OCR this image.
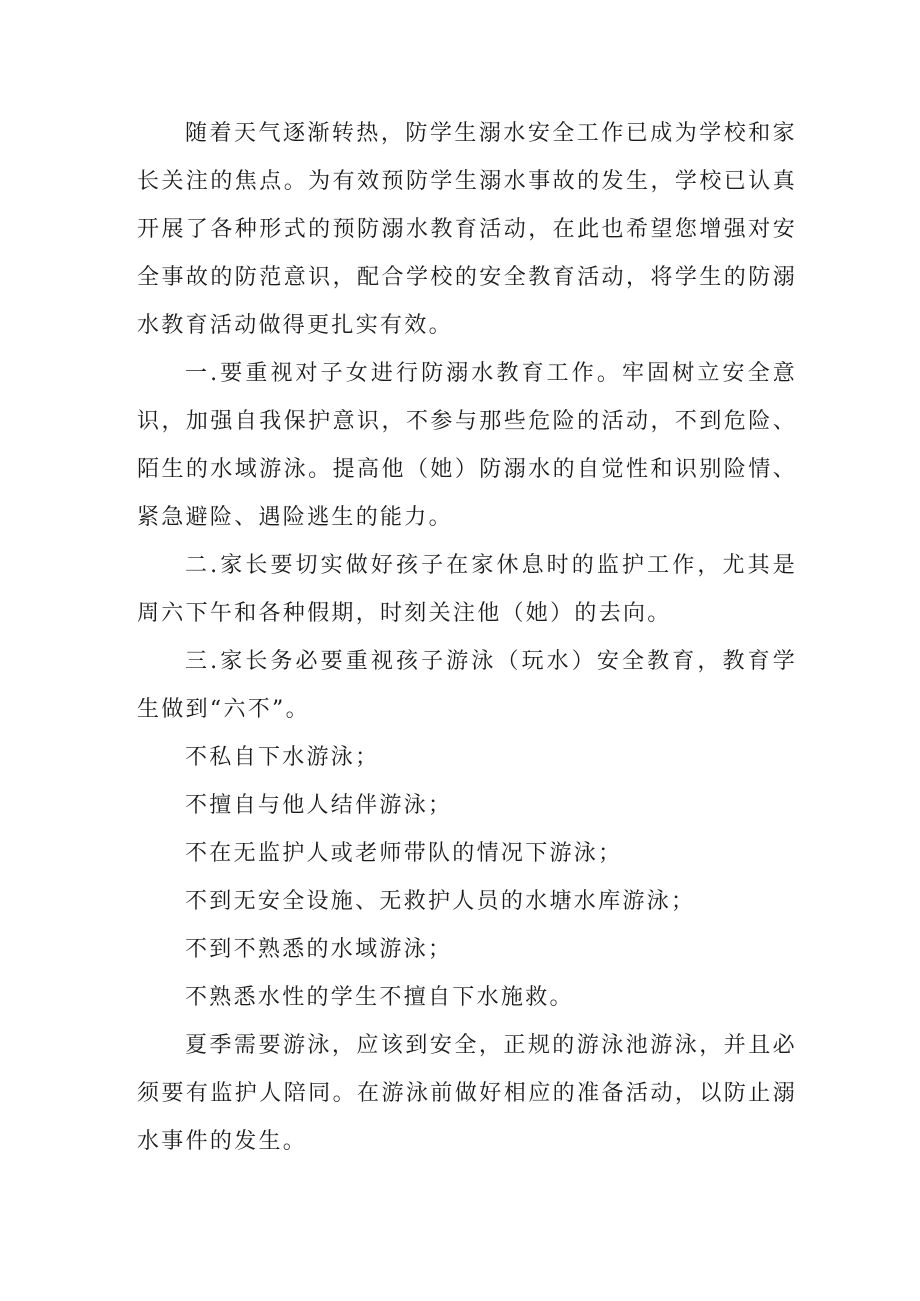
随着天气逐渐转热，防学生溺水安全工作已成为学校和家长关注的焦点。为有效预防学生溺水事故的发生，学校已认真开展了各种形式的预防溺水教育活动，在此也希望您增强对安全事故的防范意识，配合学校的安全教育活动，将学生的防溺水教育活动做得更扎实有效。

一.要重视对子女进行防溺水教育工作。牢固树立安全意识，加强自我保护意识，不参与那些危险的活动，不到危险、陌生的水域游泳。提高他（她）防溺水的自觉性和识别险情、紧急避险、遇险逃生的能力。

二.家长要切实做好孩子在家休息时的监护工作，尤其是周六下午和各种假期，时刻关注他（她）的去向。

三.家长务必要重视孩子游泳（玩水）安全教育，教育学生做到“六不”。

不私自下水游泳；

不擅自与他人结伴游泳；

不在无监护人或老师带队的情况下游泳；

不到无安全设施、无救护人员的水塘水库游泳；

不到不熟悉的水域游泳；

不熟悉水性的学生不擅自下水施救。

夏季需要游泳，应该到安全，正规的游泳池游泳，并且必须要有监护人陪同。在游泳前做好相应的准备活动，以防止溺水事件的发生。
